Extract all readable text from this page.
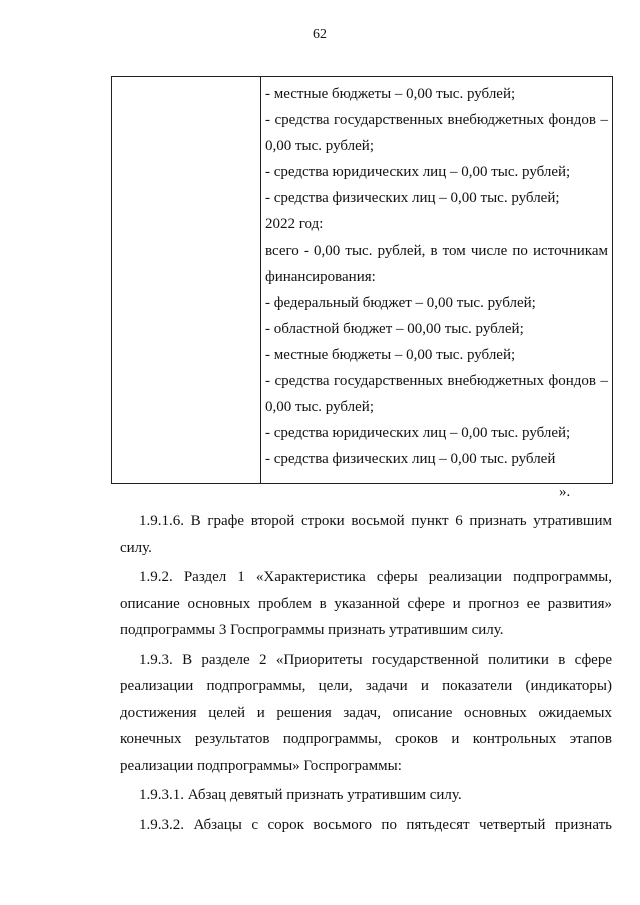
62
- местные бюджеты – 0,00 тыс. рублей;
- средства государственных внебюджетных фондов –
0,00 тыс. рублей;
- средства юридических лиц – 0,00 тыс. рублей;
- средства физических лиц – 0,00 тыс. рублей;
2022 год:
всего - 0,00 тыс. рублей, в том числе по источникам
финансирования:
- федеральный бюджет – 0,00 тыс. рублей;
- областной бюджет – 00,00 тыс. рублей;
- местные бюджеты – 0,00 тыс. рублей;
- средства государственных внебюджетных фондов –
0,00 тыс. рублей;
- средства юридических лиц – 0,00 тыс. рублей;
- средства физических лиц – 0,00 тыс. рублей
».
1.9.1.6. В графе второй строки восьмой пункт 6 признать утратившим
силу.
1.9.2. Раздел 1 «Характеристика сферы реализации подпрограммы,
описание основных проблем в указанной сфере и прогноз ее развития»
подпрограммы 3 Госпрограммы признать утратившим силу.
1.9.3. В разделе 2 «Приоритеты государственной политики в сфере
реализации подпрограммы, цели, задачи и показатели (индикаторы)
достижения целей и решения задач, описание основных ожидаемых
конечных результатов подпрограммы, сроков и контрольных этапов
реализации подпрограммы» Госпрограммы:
1.9.3.1. Абзац девятый признать утратившим силу.
1.9.3.2. Абзацы с сорок восьмого по пятьдесят четвертый признать
